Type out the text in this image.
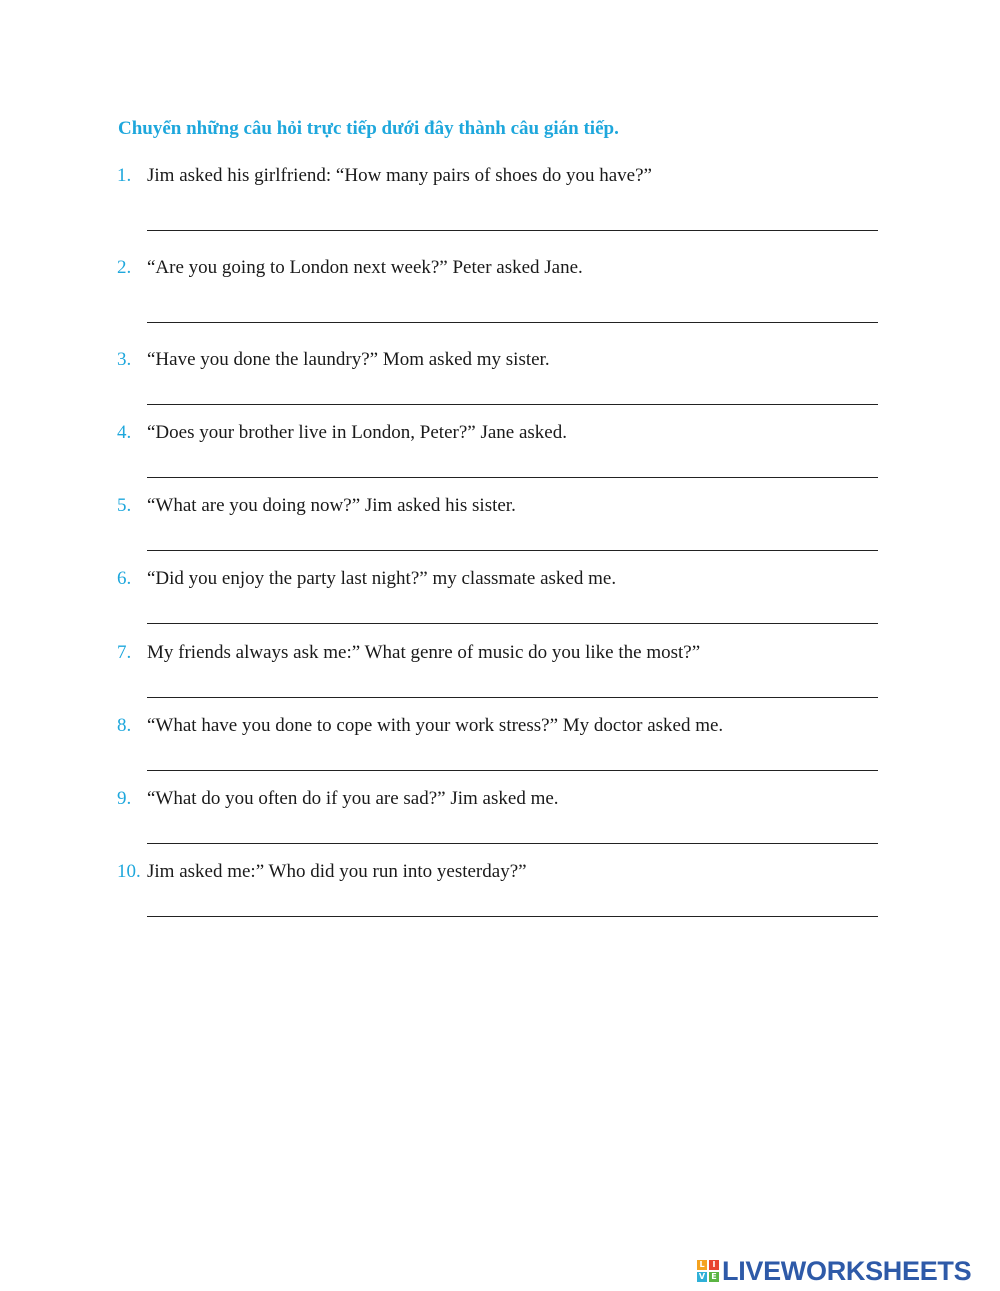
Chuyển những câu hỏi trực tiếp dưới đây thành câu gián tiếp.
1. Jim asked his girlfriend: “How many pairs of shoes do you have?”
2. “Are you going to London next week?” Peter asked Jane.
3. “Have you done the laundry?” Mom asked my sister.
4. “Does your brother live in London, Peter?” Jane asked.
5. “What are you doing now?” Jim asked his sister.
6. “Did you enjoy the party last night?” my classmate asked me.
7. My friends always ask me:” What genre of music do you like the most?”
8. “What have you done to cope with your work stress?” My doctor asked me.
9. “What do you often do if you are sad?” Jim asked me.
10. Jim asked me:” Who did you run into yesterday?”
L I
V E LIVEWORKSHEETS
